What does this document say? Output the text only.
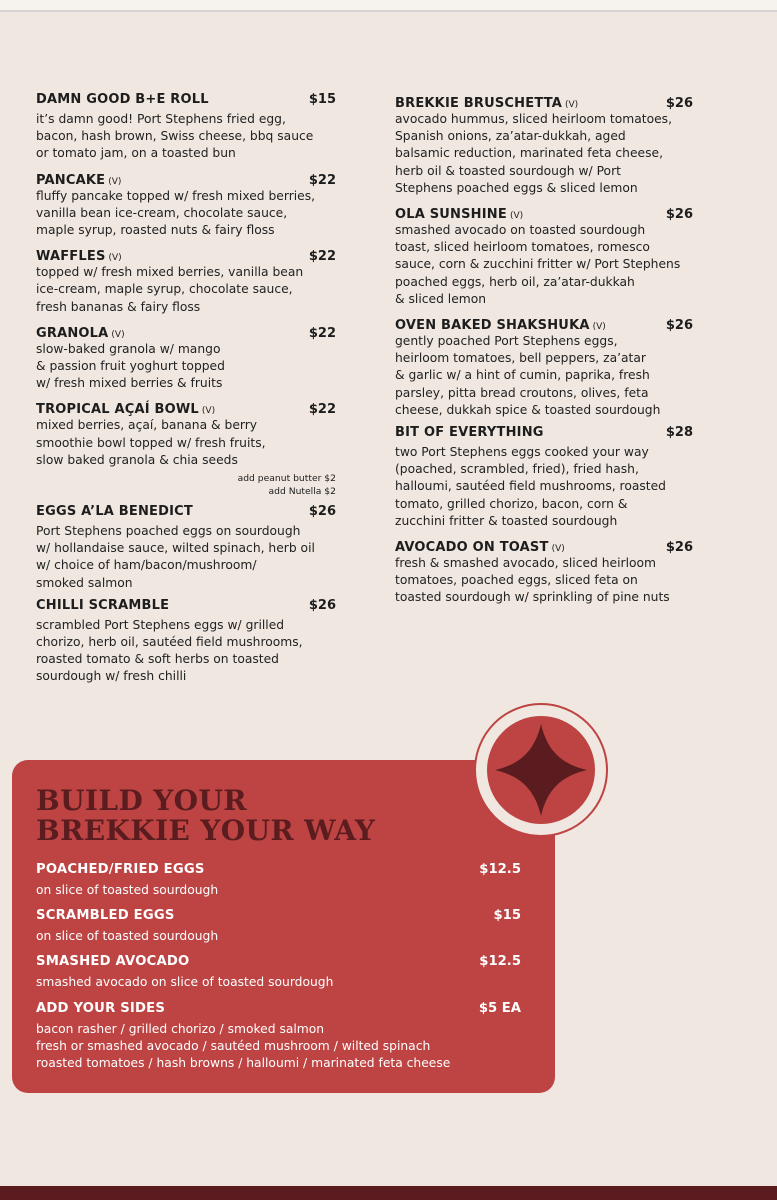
DAMN GOOD B+E ROLL	$15
it’s damn good! Port Stephens fried egg,
bacon, hash brown, Swiss cheese, bbq sauce
or tomato jam, on a toasted bun
PANCAKE (V)	$22
fluffy pancake topped w/ fresh mixed berries,
vanilla bean ice-cream, chocolate sauce,
maple syrup, roasted nuts & fairy floss
WAFFLES (V)	$22
topped w/ fresh mixed berries, vanilla bean
ice-cream, maple syrup, chocolate sauce,
fresh bananas & fairy floss
GRANOLA (V)	$22
slow-baked granola w/ mango
& passion fruit yoghurt topped
w/ fresh mixed berries & fruits
TROPICAL AÇAÍ BOWL (V)	$22
mixed berries, açaí, banana & berry
smoothie bowl topped w/ fresh fruits,
slow baked granola & chia seeds
add peanut butter $2
add Nutella $2
EGGS A’LA BENEDICT	$26
Port Stephens poached eggs on sourdough
w/ hollandaise sauce, wilted spinach, herb oil
w/ choice of ham/bacon/mushroom/
smoked salmon
CHILLI SCRAMBLE	$26
scrambled Port Stephens eggs w/ grilled
chorizo, herb oil, sautéed field mushrooms,
roasted tomato & soft herbs on toasted
sourdough w/ fresh chilli
BREKKIE BRUSCHETTA (V)	$26
avocado hummus, sliced heirloom tomatoes,
Spanish onions, za’atar-dukkah, aged
balsamic reduction, marinated feta cheese,
herb oil & toasted sourdough w/ Port
Stephens poached eggs & sliced lemon
OLA SUNSHINE (V)	$26
smashed avocado on toasted sourdough
toast, sliced heirloom tomatoes, romesco
sauce, corn & zucchini fritter w/ Port Stephens
poached eggs, herb oil, za’atar-dukkah
& sliced lemon
OVEN BAKED SHAKSHUKA (V)	$26
gently poached Port Stephens eggs,
heirloom tomatoes, bell peppers, za’atar
& garlic w/ a hint of cumin, paprika, fresh
parsley, pitta bread croutons, olives, feta
cheese, dukkah spice & toasted sourdough
BIT OF EVERYTHING	$28
two Port Stephens eggs cooked your way
(poached, scrambled, fried), fried hash,
halloumi, sautéed field mushrooms, roasted
tomato, grilled chorizo, bacon, corn &
zucchini fritter & toasted sourdough
AVOCADO ON TOAST (V)	$26
fresh & smashed avocado, sliced heirloom
tomatoes, poached eggs, sliced feta on
toasted sourdough w/ sprinkling of pine nuts
BUILD YOUR
BREKKIE YOUR WAY
POACHED/FRIED EGGS	$12.5
on slice of toasted sourdough
SCRAMBLED EGGS	$15
on slice of toasted sourdough
SMASHED AVOCADO	$12.5
smashed avocado on slice of toasted sourdough
ADD YOUR SIDES	$5 EA
bacon rasher / grilled chorizo / smoked salmon
fresh or smashed avocado / sautéed mushroom / wilted spinach
roasted tomatoes / hash browns / halloumi / marinated feta cheese
